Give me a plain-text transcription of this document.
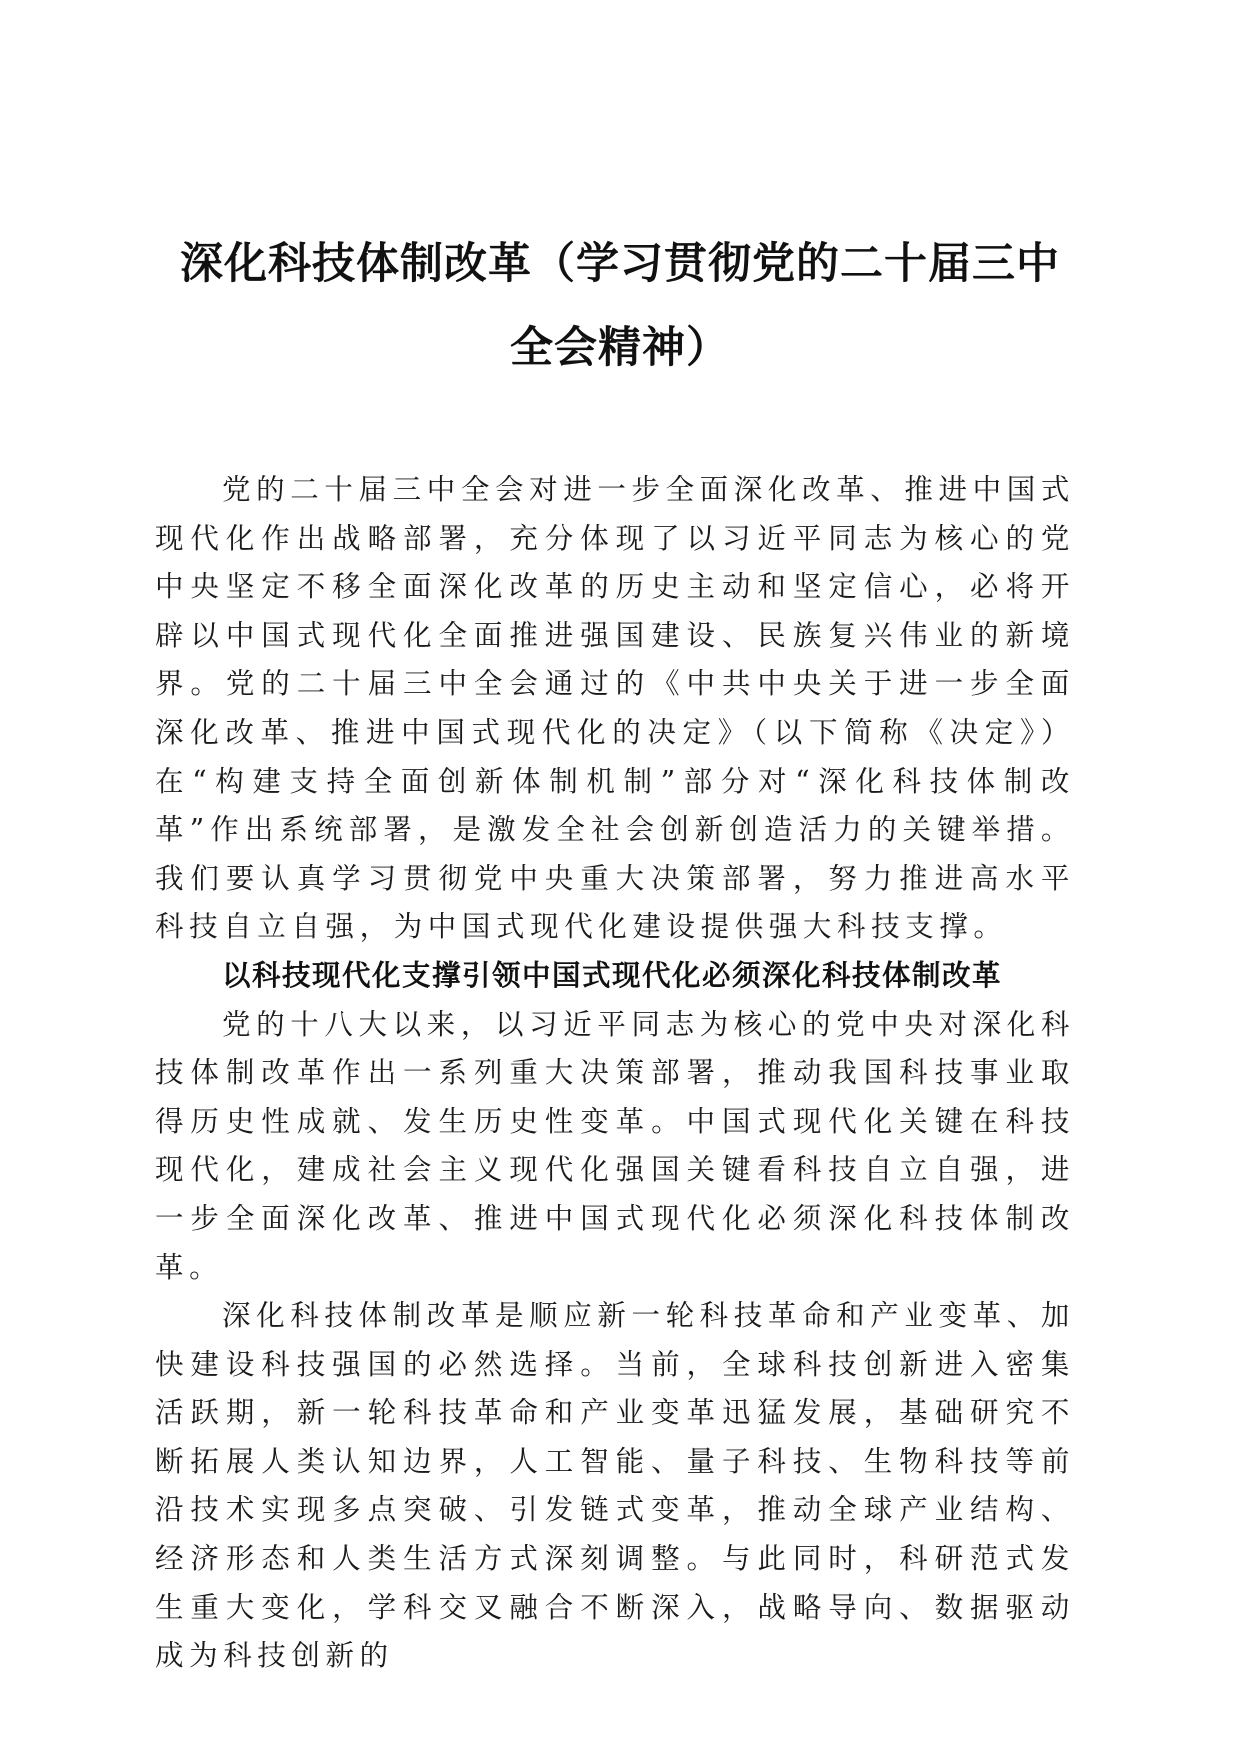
深化科技体制改革（学习贯彻党的二十届三中
全会精神）

党的二十届三中全会对进一步全面深化改革、推进中国式现代化作出战略部署，充分体现了以习近平同志为核心的党中央坚定不移全面深化改革的历史主动和坚定信心，必将开辟以中国式现代化全面推进强国建设、民族复兴伟业的新境界。党的二十届三中全会通过的《中共中央关于进一步全面深化改革、推进中国式现代化的决定》（以下简称《决定》）在“构建支持全面创新体制机制”部分对“深化科技体制改革”作出系统部署，是激发全社会创新创造活力的关键举措。我们要认真学习贯彻党中央重大决策部署，努力推进高水平科技自立自强，为中国式现代化建设提供强大科技支撑。

以科技现代化支撑引领中国式现代化必须深化科技体制改革

党的十八大以来，以习近平同志为核心的党中央对深化科技体制改革作出一系列重大决策部署，推动我国科技事业取得历史性成就、发生历史性变革。中国式现代化关键在科技现代化，建成社会主义现代化强国关键看科技自立自强，进一步全面深化改革、推进中国式现代化必须深化科技体制改革。

深化科技体制改革是顺应新一轮科技革命和产业变革、加快建设科技强国的必然选择。当前，全球科技创新进入密集活跃期，新一轮科技革命和产业变革迅猛发展，基础研究不断拓展人类认知边界，人工智能、量子科技、生物科技等前沿技术实现多点突破、引发链式变革，推动全球产业结构、经济形态和人类生活方式深刻调整。与此同时，科研范式发生重大变化，学科交叉融合不断深入，战略导向、数据驱动成为科技创新的
